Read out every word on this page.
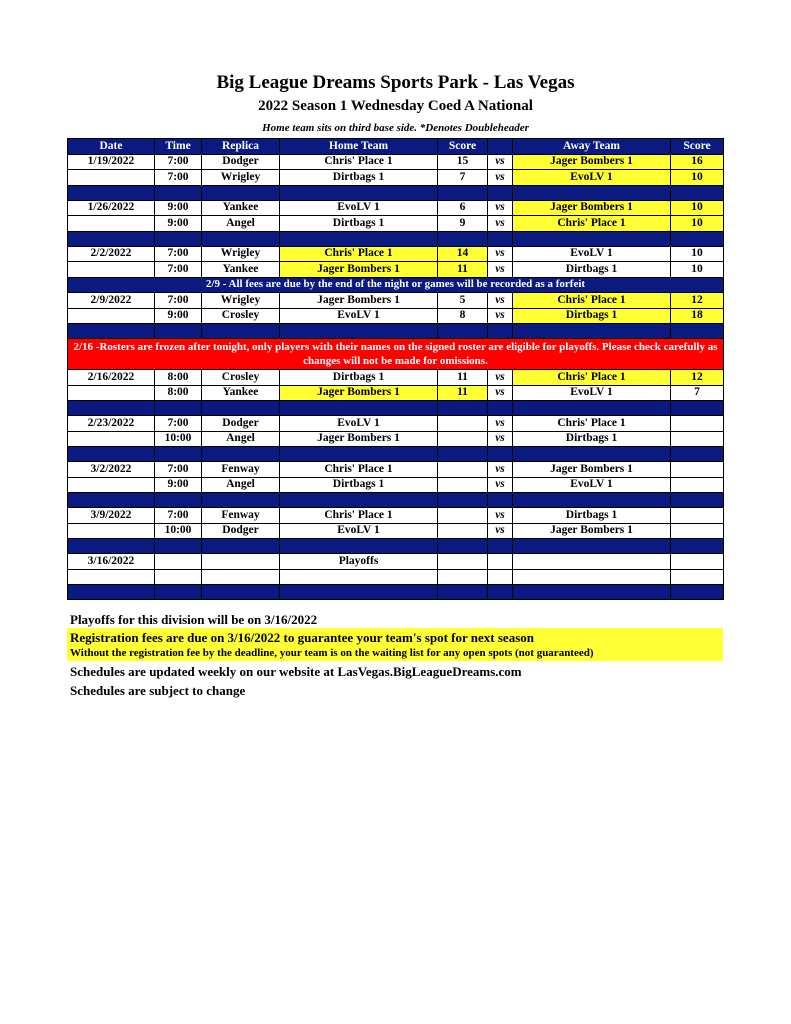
Big League Dreams Sports Park - Las Vegas
2022 Season 1 Wednesday Coed A National
Home team sits on third base side. *Denotes Doubleheader
Date	Time	Replica	Home Team	Score		Away Team	Score
1/19/2022	7:00	Dodger	Chris' Place 1	15	vs	Jager Bombers 1	16
	7:00	Wrigley	Dirtbags 1	7	vs	EvoLV 1	10

1/26/2022	9:00	Yankee	EvoLV 1	6	vs	Jager Bombers 1	10
	9:00	Angel	Dirtbags 1	9	vs	Chris' Place 1	10

2/2/2022	7:00	Wrigley	Chris' Place 1	14	vs	EvoLV 1	10
	7:00	Yankee	Jager Bombers 1	11	vs	Dirtbags 1	10
2/9 - All fees are due by the end of the night or games will be recorded as a forfeit							
2/9/2022	7:00	Wrigley	Jager Bombers 1	5	vs	Chris' Place 1	12
	9:00	Crosley	EvoLV 1	8	vs	Dirtbags 1	18

2/16 -Rosters are frozen after tonight, only players with their names on the signed roster are eligible for playoffs. Please check carefully as changes will not be made for omissions.							
2/16/2022	8:00	Crosley	Dirtbags 1	11	vs	Chris' Place 1	12
	8:00	Yankee	Jager Bombers 1	11	vs	EvoLV 1	7

2/23/2022	7:00	Dodger	EvoLV 1		vs	Chris' Place 1	
	10:00	Angel	Jager Bombers 1		vs	Dirtbags 1	

3/2/2022	7:00	Fenway	Chris' Place 1		vs	Jager Bombers 1	
	9:00	Angel	Dirtbags 1		vs	EvoLV 1	

3/9/2022	7:00	Fenway	Chris' Place 1		vs	Dirtbags 1	
	10:00	Dodger	EvoLV 1		vs	Jager Bombers 1	

3/16/2022			Playoffs				

Playoffs for this division will be on 3/16/2022
Registration fees are due on 3/16/2022 to guarantee your team's spot for next season
Without the registration fee by the deadline, your team is on the waiting list for any open spots (not guaranteed)
Schedules are updated weekly on our website at LasVegas.BigLeagueDreams.com
Schedules are subject to change
